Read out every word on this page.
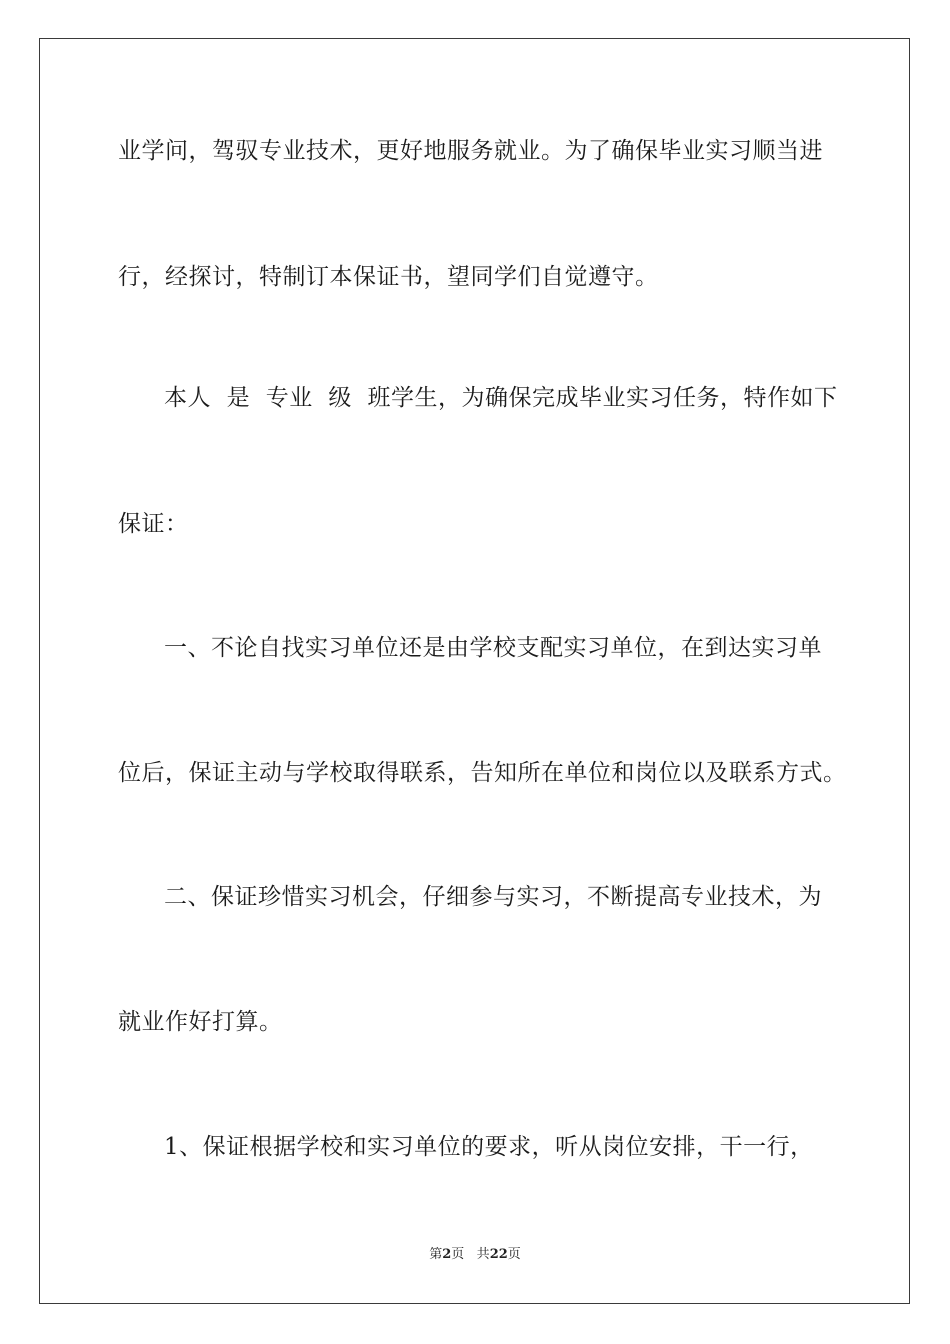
业学问，驾驭专业技术，更好地服务就业。为了确保毕业实习顺当进
行，经探讨，特制订本保证书，望同学们自觉遵守。
本人  是  专业  级  班学生，为确保完成毕业实习任务，特作如下
保证：
一、不论自找实习单位还是由学校支配实习单位，在到达实习单
位后，保证主动与学校取得联系，告知所在单位和岗位以及联系方式。
二、保证珍惜实习机会，仔细参与实习，不断提高专业技术，为
就业作好打算。
1、保证根据学校和实习单位的要求，听从岗位安排，干一行，
第2页 共22页
